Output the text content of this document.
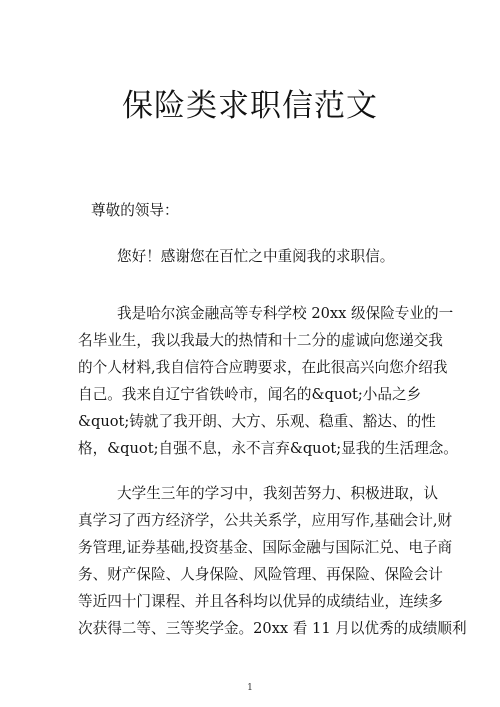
保险类求职信范文

尊敬的领导：

您好！感谢您在百忙之中重阅我的求职信。

我是哈尔滨金融高等专科学校 20xx 级保险专业的一
名毕业生，我以我最大的热情和十二分的虚诚向您递交我
的个人材料,我自信符合应聘要求，在此很高兴向您介绍我
自己。我来自辽宁省铁岭市，闻名的&quot;小品之乡
&quot;铸就了我开朗、大方、乐观、稳重、豁达、的性
格，&quot;自强不息，永不言弃&quot;显我的生活理念。

大学生三年的学习中，我刻苦努力、积极进取，认
真学习了西方经济学，公共关系学，应用写作,基础会计,财
务管理,证券基础,投资基金、国际金融与国际汇兑、电子商
务、财产保险、人身保险、风险管理、再保险、保险会计
等近四十门课程、并且各科均以优异的成绩结业，连续多
次获得二等、三等奖学金。20xx 看 11 月以优秀的成绩顺利

1
